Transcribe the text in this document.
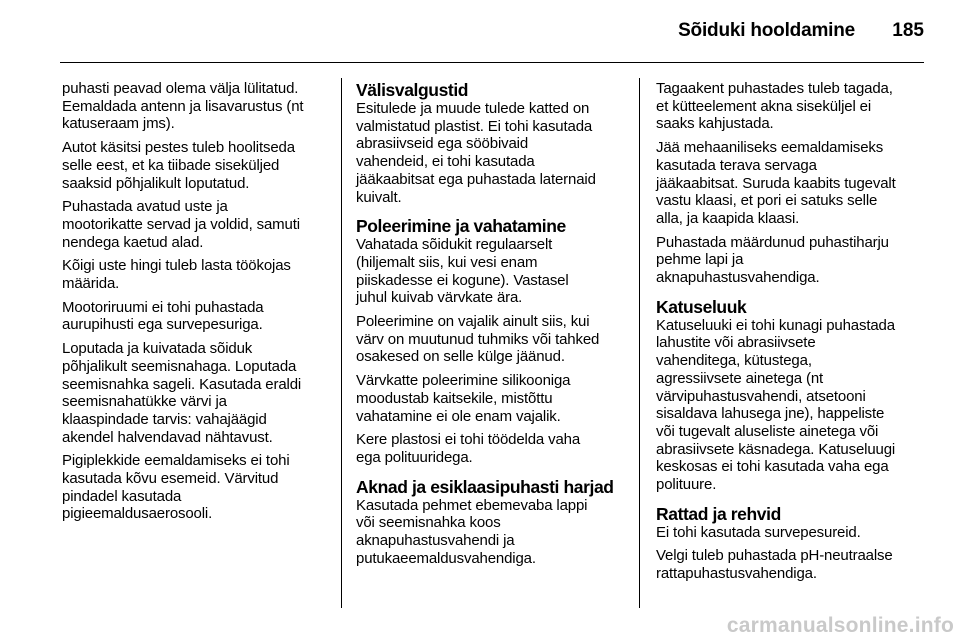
Sõiduki hooldamine	185

puhasti peavad olema välja lülitatud.
Eemaldada antenn ja lisavarustus (nt
katuseraam jms).

Autot käsitsi pestes tuleb hoolitseda
selle eest, et ka tiibade siseküljed
saaksid põhjalikult loputatud.

Puhastada avatud uste ja
mootorikatte servad ja voldid, samuti
nendega kaetud alad.

Kõigi uste hingi tuleb lasta töökojas
määrida.

Mootoriruumi ei tohi puhastada
aurupihusti ega survepesuriga.

Loputada ja kuivatada sõiduk
põhjalikult seemisnahaga. Loputada
seemisnahka sageli. Kasutada eraldi
seemisnahatükke värvi ja
klaaspindade tarvis: vahajäägid
akendel halvendavad nähtavust.

Pigiplekkide eemaldamiseks ei tohi
kasutada kõvu esemeid. Värvitud
pindadel kasutada
pigieemaldusaerosooli.

Välisvalgustid

Esitulede ja muude tulede katted on
valmistatud plastist. Ei tohi kasutada
abrasiivseid ega sööbivaid
vahendeid, ei tohi kasutada
jääkaabitsat ega puhastada laternaid
kuivalt.

Poleerimine ja vahatamine

Vahatada sõidukit regulaarselt
(hiljemalt siis, kui vesi enam
piiskadesse ei kogune). Vastasel
juhul kuivab värvkate ära.

Poleerimine on vajalik ainult siis, kui
värv on muutunud tuhmiks või tahked
osakesed on selle külge jäänud.

Värvkatte poleerimine silikooniga
moodustab kaitsekile, mistõttu
vahatamine ei ole enam vajalik.

Kere plastosi ei tohi töödelda vaha
ega polituuridega.

Aknad ja esiklaasipuhasti harjad

Kasutada pehmet ebemevaba lappi
või seemisnahka koos
aknapuhastusvahendi ja
putukaeemaldusvahendiga.

Tagaakent puhastades tuleb tagada,
et kütteelement akna siseküljel ei
saaks kahjustada.

Jää mehaaniliseks eemaldamiseks
kasutada terava servaga
jääkaabitsat. Suruda kaabits tugevalt
vastu klaasi, et pori ei satuks selle
alla, ja kaapida klaasi.

Puhastada määrdunud puhastiharju
pehme lapi ja
aknapuhastusvahendiga.

Katuseluuk

Katuseluuki ei tohi kunagi puhastada
lahustite või abrasiivsete
vahenditega, kütustega,
agressiivsete ainetega (nt
värvipuhastusvahendi, atsetooni
sisaldava lahusega jne), happeliste
või tugevalt aluseliste ainetega või
abrasiivsete käsnadega. Katuseluugi
keskosas ei tohi kasutada vaha ega
polituure.

Rattad ja rehvid

Ei tohi kasutada survepesureid.

Velgi tuleb puhastada pH-neutraalse
rattapuhastusvahendiga.

carmanualsonline.info
